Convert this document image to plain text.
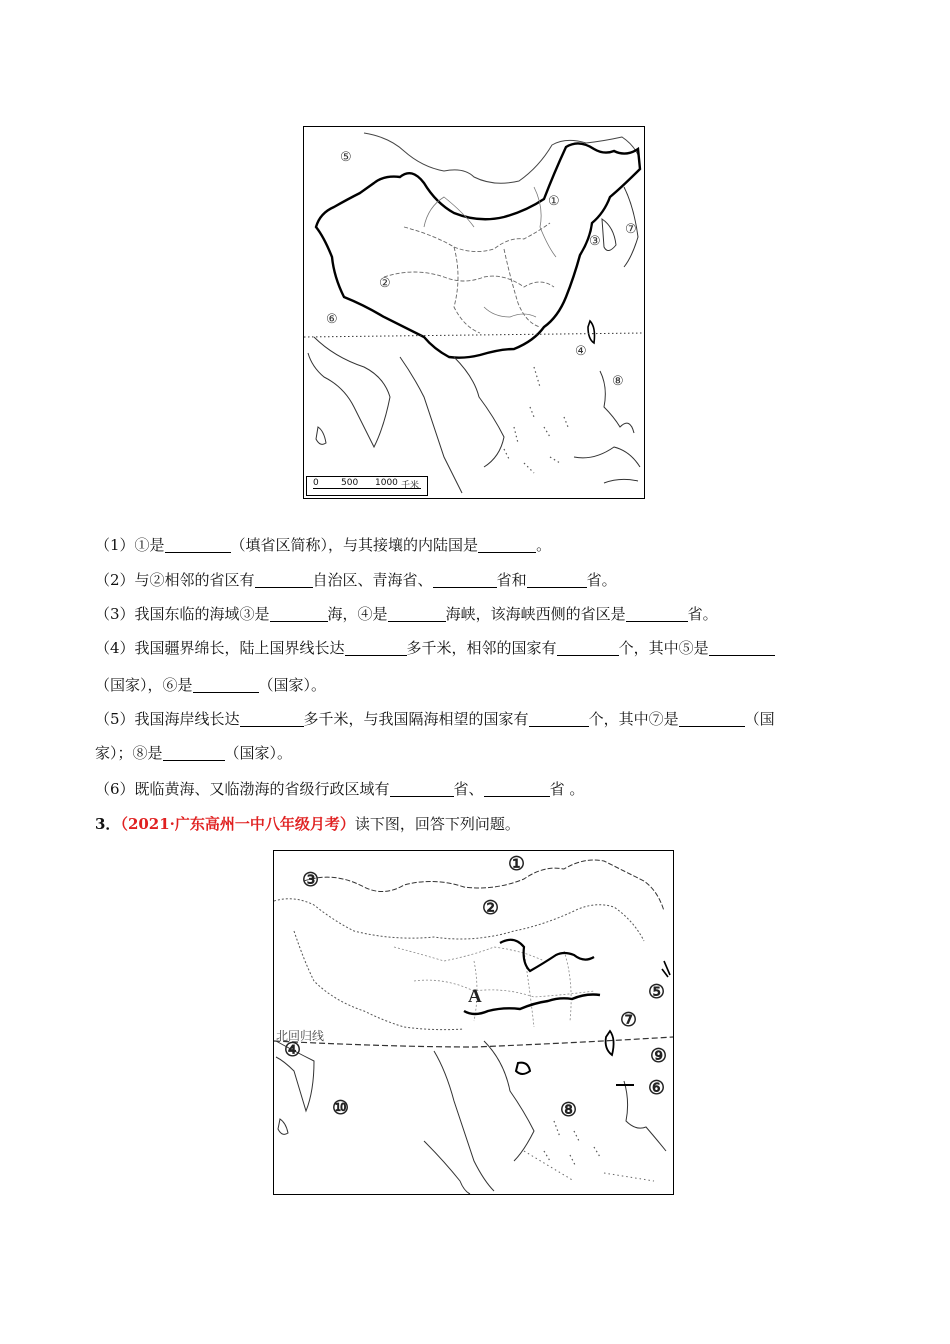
⑤
①
⑦
③
②
⑥
④
⑧
0 500 1000 千米
（1）①是	（填省区简称），与其接壤的内陆国是	。
（2）与②相邻的省区有	自治区、青海省、	省和	省。
（3）我国东临的海域③是	海，④是	海峡，该海峡西侧的省区是	省。
（4）我国疆界绵长，陆上国界线长达	多千米，相邻的国家有	个，其中⑤是
（国家），⑥是	（国家）。
（5）我国海岸线长达	多千米，与我国隔海相望的国家有	个，其中⑦是	（国
家）；⑧是	（国家）。
（6）既临黄海、又临渤海的省级行政区域有	省、	省 。
3．（2021·广东高州一中八年级月考）读下图，回答下列问题。
①
③
②
⑤
A
⑦
北回归线
④	⑨
⑥
⑩	⑧
